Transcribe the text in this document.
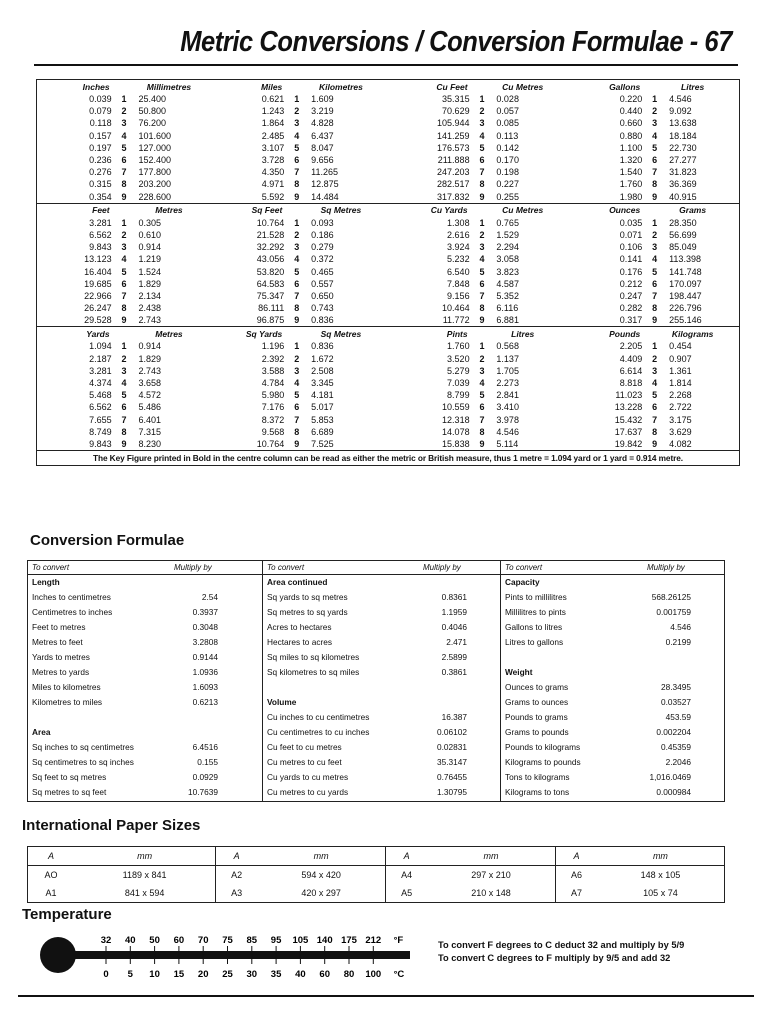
Metric Conversions / Conversion Formulae - 67
Inches	Millimetres		Miles	Kilometres		Cu Feet	Cu Metres		Gallons	Litres	
0.039	1	25.400	0.621	1	1.609	35.315	1	0.028	0.220	1	4.546
0.079	2	50.800	1.243	2	3.219	70.629	2	0.057	0.440	2	9.092
0.118	3	76.200	1.864	3	4.828	105.944	3	0.085	0.660	3	13.638
0.157	4	101.600	2.485	4	6.437	141.259	4	0.113	0.880	4	18.184
0.197	5	127.000	3.107	5	8.047	176.573	5	0.142	1.100	5	22.730
0.236	6	152.400	3.728	6	9.656	211.888	6	0.170	1.320	6	27.277
0.276	7	177.800	4.350	7	11.265	247.203	7	0.198	1.540	7	31.823
0.315	8	203.200	4.971	8	12.875	282.517	8	0.227	1.760	8	36.369
0.354	9	228.600	5.592	9	14.484	317.832	9	0.255	1.980	9	40.915
Feet	Metres		Sq Feet	Sq Metres		Cu Yards	Cu Metres		Ounces	Grams	
3.281	1	0.305	10.764	1	0.093	1.308	1	0.765	0.035	1	28.350
6.562	2	0.610	21.528	2	0.186	2.616	2	1.529	0.071	2	56.699
9.843	3	0.914	32.292	3	0.279	3.924	3	2.294	0.106	3	85.049
13.123	4	1.219	43.056	4	0.372	5.232	4	3.058	0.141	4	113.398
16.404	5	1.524	53.820	5	0.465	6.540	5	3.823	0.176	5	141.748
19.685	6	1.829	64.583	6	0.557	7.848	6	4.587	0.212	6	170.097
22.966	7	2.134	75.347	7	0.650	9.156	7	5.352	0.247	7	198.447
26.247	8	2.438	86.111	8	0.743	10.464	8	6.116	0.282	8	226.796
29.528	9	2.743	96.875	9	0.836	11.772	9	6.881	0.317	9	255.146
Yards	Metres		Sq Yards	Sq Metres		Pints	Litres		Pounds	Kilograms	
1.094	1	0.914	1.196	1	0.836	1.760	1	0.568	2.205	1	0.454
2.187	2	1.829	2.392	2	1.672	3.520	2	1.137	4.409	2	0.907
3.281	3	2.743	3.588	3	2.508	5.279	3	1.705	6.614	3	1.361
4.374	4	3.658	4.784	4	3.345	7.039	4	2.273	8.818	4	1.814
5.468	5	4.572	5.980	5	4.181	8.799	5	2.841	11.023	5	2.268
6.562	6	5.486	7.176	6	5.017	10.559	6	3.410	13.228	6	2.722
7.655	7	6.401	8.372	7	5.853	12.318	7	3.978	15.432	7	3.175
8.749	8	7.315	9.568	8	6.689	14.078	8	4.546	17.637	8	3.629
9.843	9	8.230	10.764	9	7.525	15.838	9	5.114	19.842	9	4.082
The Key Figure printed in Bold in the centre column can be read as either the metric or British measure, thus 1 metre = 1.094 yard or 1 yard = 0.914 metre.
Conversion Formulae
To convert	Multiply by
Length
Inches to centimetres	2.54
Centimetres to inches	0.3937
Feet to metres	0.3048
Metres to feet	3.2808
Yards to metres	0.9144
Metres to yards	1.0936
Miles to kilometres	1.6093
Kilometres to miles	0.6213
Area
Sq inches to sq centimetres	6.4516
Sq centimetres to sq inches	0.155
Sq feet to sq metres	0.0929
Sq metres to sq feet	10.7639
To convert	Multiply by
Area continued
Sq yards to sq metres	0.8361
Sq metres to sq yards	1.1959
Acres to hectares	0.4046
Hectares to acres	2.471
Sq miles to sq kilometres	2.5899
Sq kilometres to sq miles	0.3861
Volume
Cu inches to cu centimetres	16.387
Cu centimetres to cu inches	0.06102
Cu feet to cu metres	0.02831
Cu metres to cu feet	35.3147
Cu yards to cu metres	0.76455
Cu metres to cu yards	1.30795
To convert	Multiply by
Capacity
Pints to millilitres	568.26125
Millilitres to pints	0.001759
Gallons to litres	4.546
Litres to gallons	0.2199
Weight
Ounces to grams	28.3495
Grams to ounces	0.03527
Pounds to grams	453.59
Grams to pounds	0.002204
Pounds to kilograms	0.45359
Kilograms to pounds	2.2046
Tons to kilograms	1,016.0469
Kilograms to tons	0.000984
International Paper Sizes
A	mm	A	mm	A	mm	A	mm
AO	1189 x 841	A2	594 x 420	A4	297 x 210	A6	148 x 105
A1	841 x 594	A3	420 x 297	A5	210 x 148	A7	105 x 74
Temperature
32 40 50 60 70 75 85 95 105 140 175 212
0 5 10 15 20 25 30 35 40 60 80 100
°F
°C
To convert F degrees to C deduct 32 and multiply by 5/9
To convert C degrees to F multiply by 9/5 and add 32
